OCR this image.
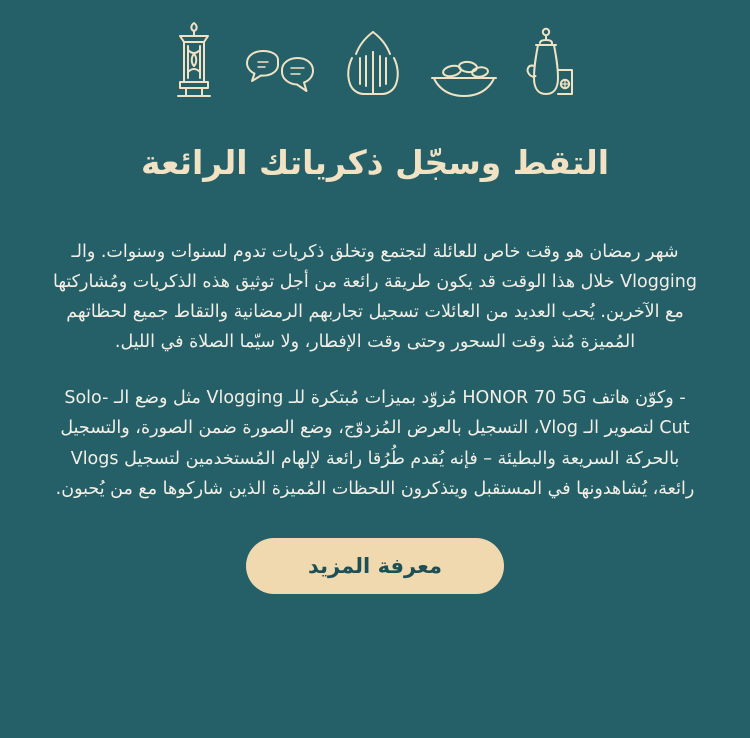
التقط وسجّل ذكرياتك الرائعة

شهر رمضان هو وقت خاص للعائلة لتجتمع وتخلق ذكريات تدوم لسنوات وسنوات. والـ Vlogging خلال هذا الوقت قد يكون طريقة رائعة من أجل توثيق هذه الذكريات ومُشاركتها مع الآخرين. يُحب العديد من العائلات تسجيل تجاربهم الرمضانية والتقاط جميع لحظاتهم المُميزة مُنذ وقت السحور وحتى وقت الإفطار، ولا سيّما الصلاة في الليل.

- وكوّن هاتف HONOR 70 5G مُزوّد بميزات مُبتكرة للـ Vlogging مثل وضع الـ Solo-Cut لتصوير الـ Vlog، التسجيل بالعرض المُزدوّج، وضع الصورة ضمن الصورة، والتسجيل بالحركة السريعة والبطيئة – فإنه يُقدم طُرُقا رائعة لإلهام المُستخدمين لتسجيل Vlogs رائعة، يُشاهدونها في المستقبل ويتذكرون اللحظات المُميزة الذين شاركوها مع من يُحبون.

معرفة المزيد
